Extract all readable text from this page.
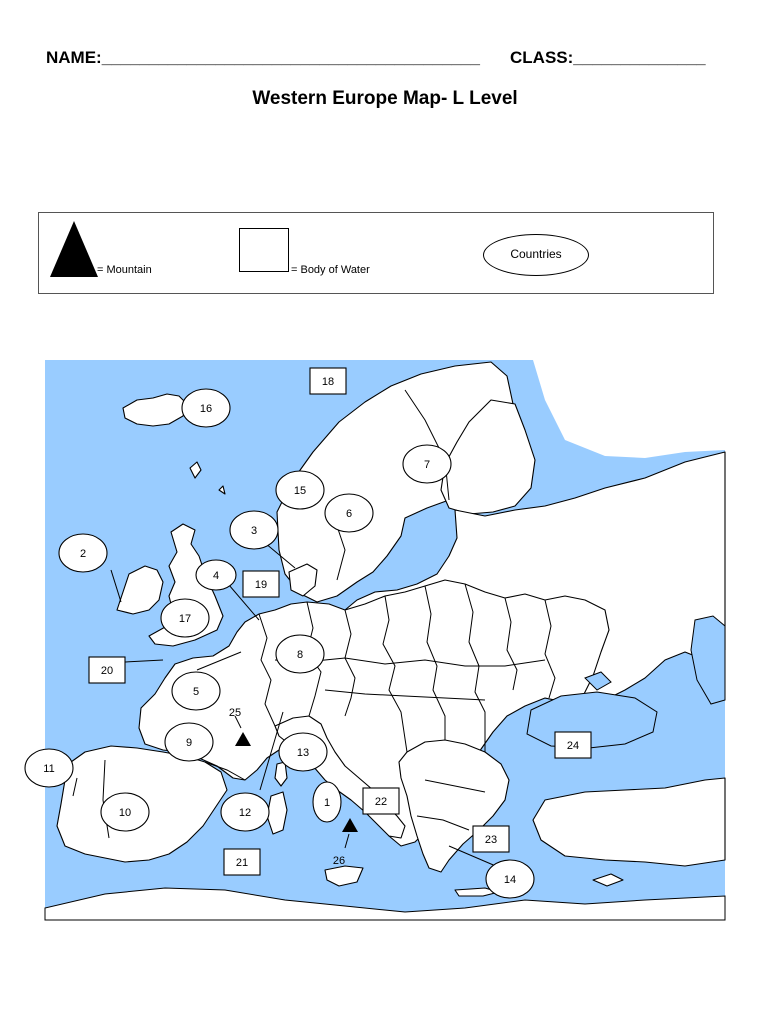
NAME:________________________________________ CLASS:______________
Western Europe Map- L Level
= Mountain	= Body of Water
Countries
16
2
7
15
6
3
4
17
8
5
9
13
11
10	12
1
14
18
19
20
21
22
23
24
25
26
